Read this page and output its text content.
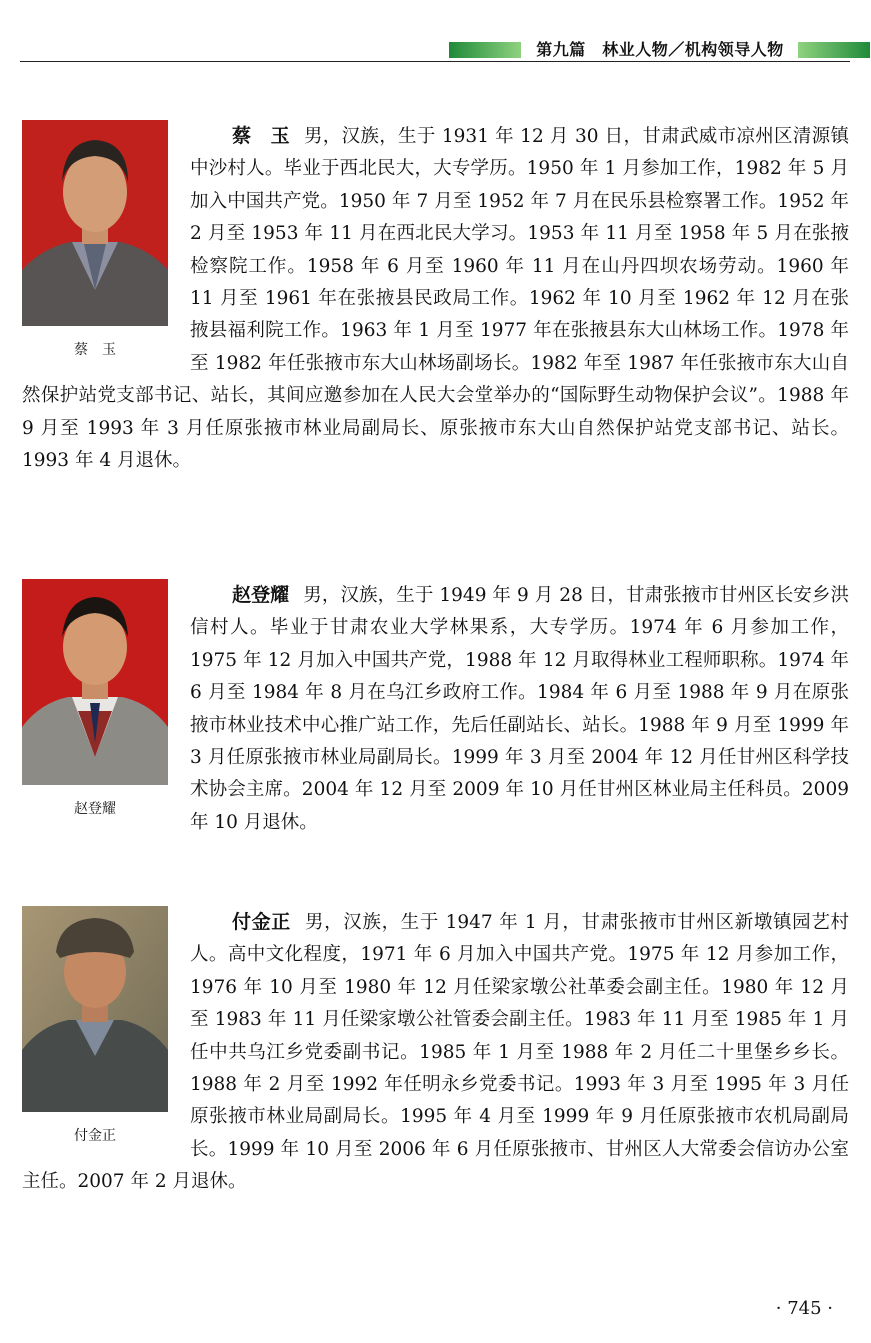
第九篇　林业人物／机构领导人物
蔡　玉

蔡　玉 男，汉族，生于 1931 年 12 月 30 日，甘肃武威市凉州区清源镇中沙村人。毕业于西北民大，大专学历。1950 年 1 月参加工作，1982 年 5 月加入中国共产党。1950 年 7 月至 1952 年 7 月在民乐县检察署工作。1952 年 2 月至 1953 年 11 月在西北民大学习。1953 年 11 月至 1958 年 5 月在张掖检察院工作。1958 年 6 月至 1960 年 11 月在山丹四坝农场劳动。1960 年 11 月至 1961 年在张掖县民政局工作。1962 年 10 月至 1962 年 12 月在张掖县福利院工作。1963 年 1 月至 1977 年在张掖县东大山林场工作。1978 年至 1982 年任张掖市东大山林场副场长。1982 年至 1987 年任张掖市东大山自然保护站党支部书记、站长，其间应邀参加在人民大会堂举办的“国际野生动物保护会议”。1988 年 9 月至 1993 年 3 月任原张掖市林业局副局长、原张掖市东大山自然保护站党支部书记、站长。1993 年 4 月退休。

赵登耀

赵登耀 男，汉族，生于 1949 年 9 月 28 日，甘肃张掖市甘州区长安乡洪信村人。毕业于甘肃农业大学林果系，大专学历。1974 年 6 月参加工作，1975 年 12 月加入中国共产党，1988 年 12 月取得林业工程师职称。1974 年 6 月至 1984 年 8 月在乌江乡政府工作。1984 年 6 月至 1988 年 9 月在原张掖市林业技术中心推广站工作，先后任副站长、站长。1988 年 9 月至 1999 年 3 月任原张掖市林业局副局长。1999 年 3 月至 2004 年 12 月任甘州区科学技术协会主席。2004 年 12 月至 2009 年 10 月任甘州区林业局主任科员。2009 年 10 月退休。

付金正

付金正 男，汉族，生于 1947 年 1 月，甘肃张掖市甘州区新墩镇园艺村人。高中文化程度，1971 年 6 月加入中国共产党。1975 年 12 月参加工作，1976 年 10 月至 1980 年 12 月任梁家墩公社革委会副主任。1980 年 12 月至 1983 年 11 月任梁家墩公社管委会副主任。1983 年 11 月至 1985 年 1 月任中共乌江乡党委副书记。1985 年 1 月至 1988 年 2 月任二十里堡乡乡长。1988 年 2 月至 1992 年任明永乡党委书记。1993 年 3 月至 1995 年 3 月任原张掖市林业局副局长。1995 年 4 月至 1999 年 9 月任原张掖市农机局副局长。1999 年 10 月至 2006 年 6 月任原张掖市、甘州区人大常委会信访办公室主任。2007 年 2 月退休。

· 745 ·
